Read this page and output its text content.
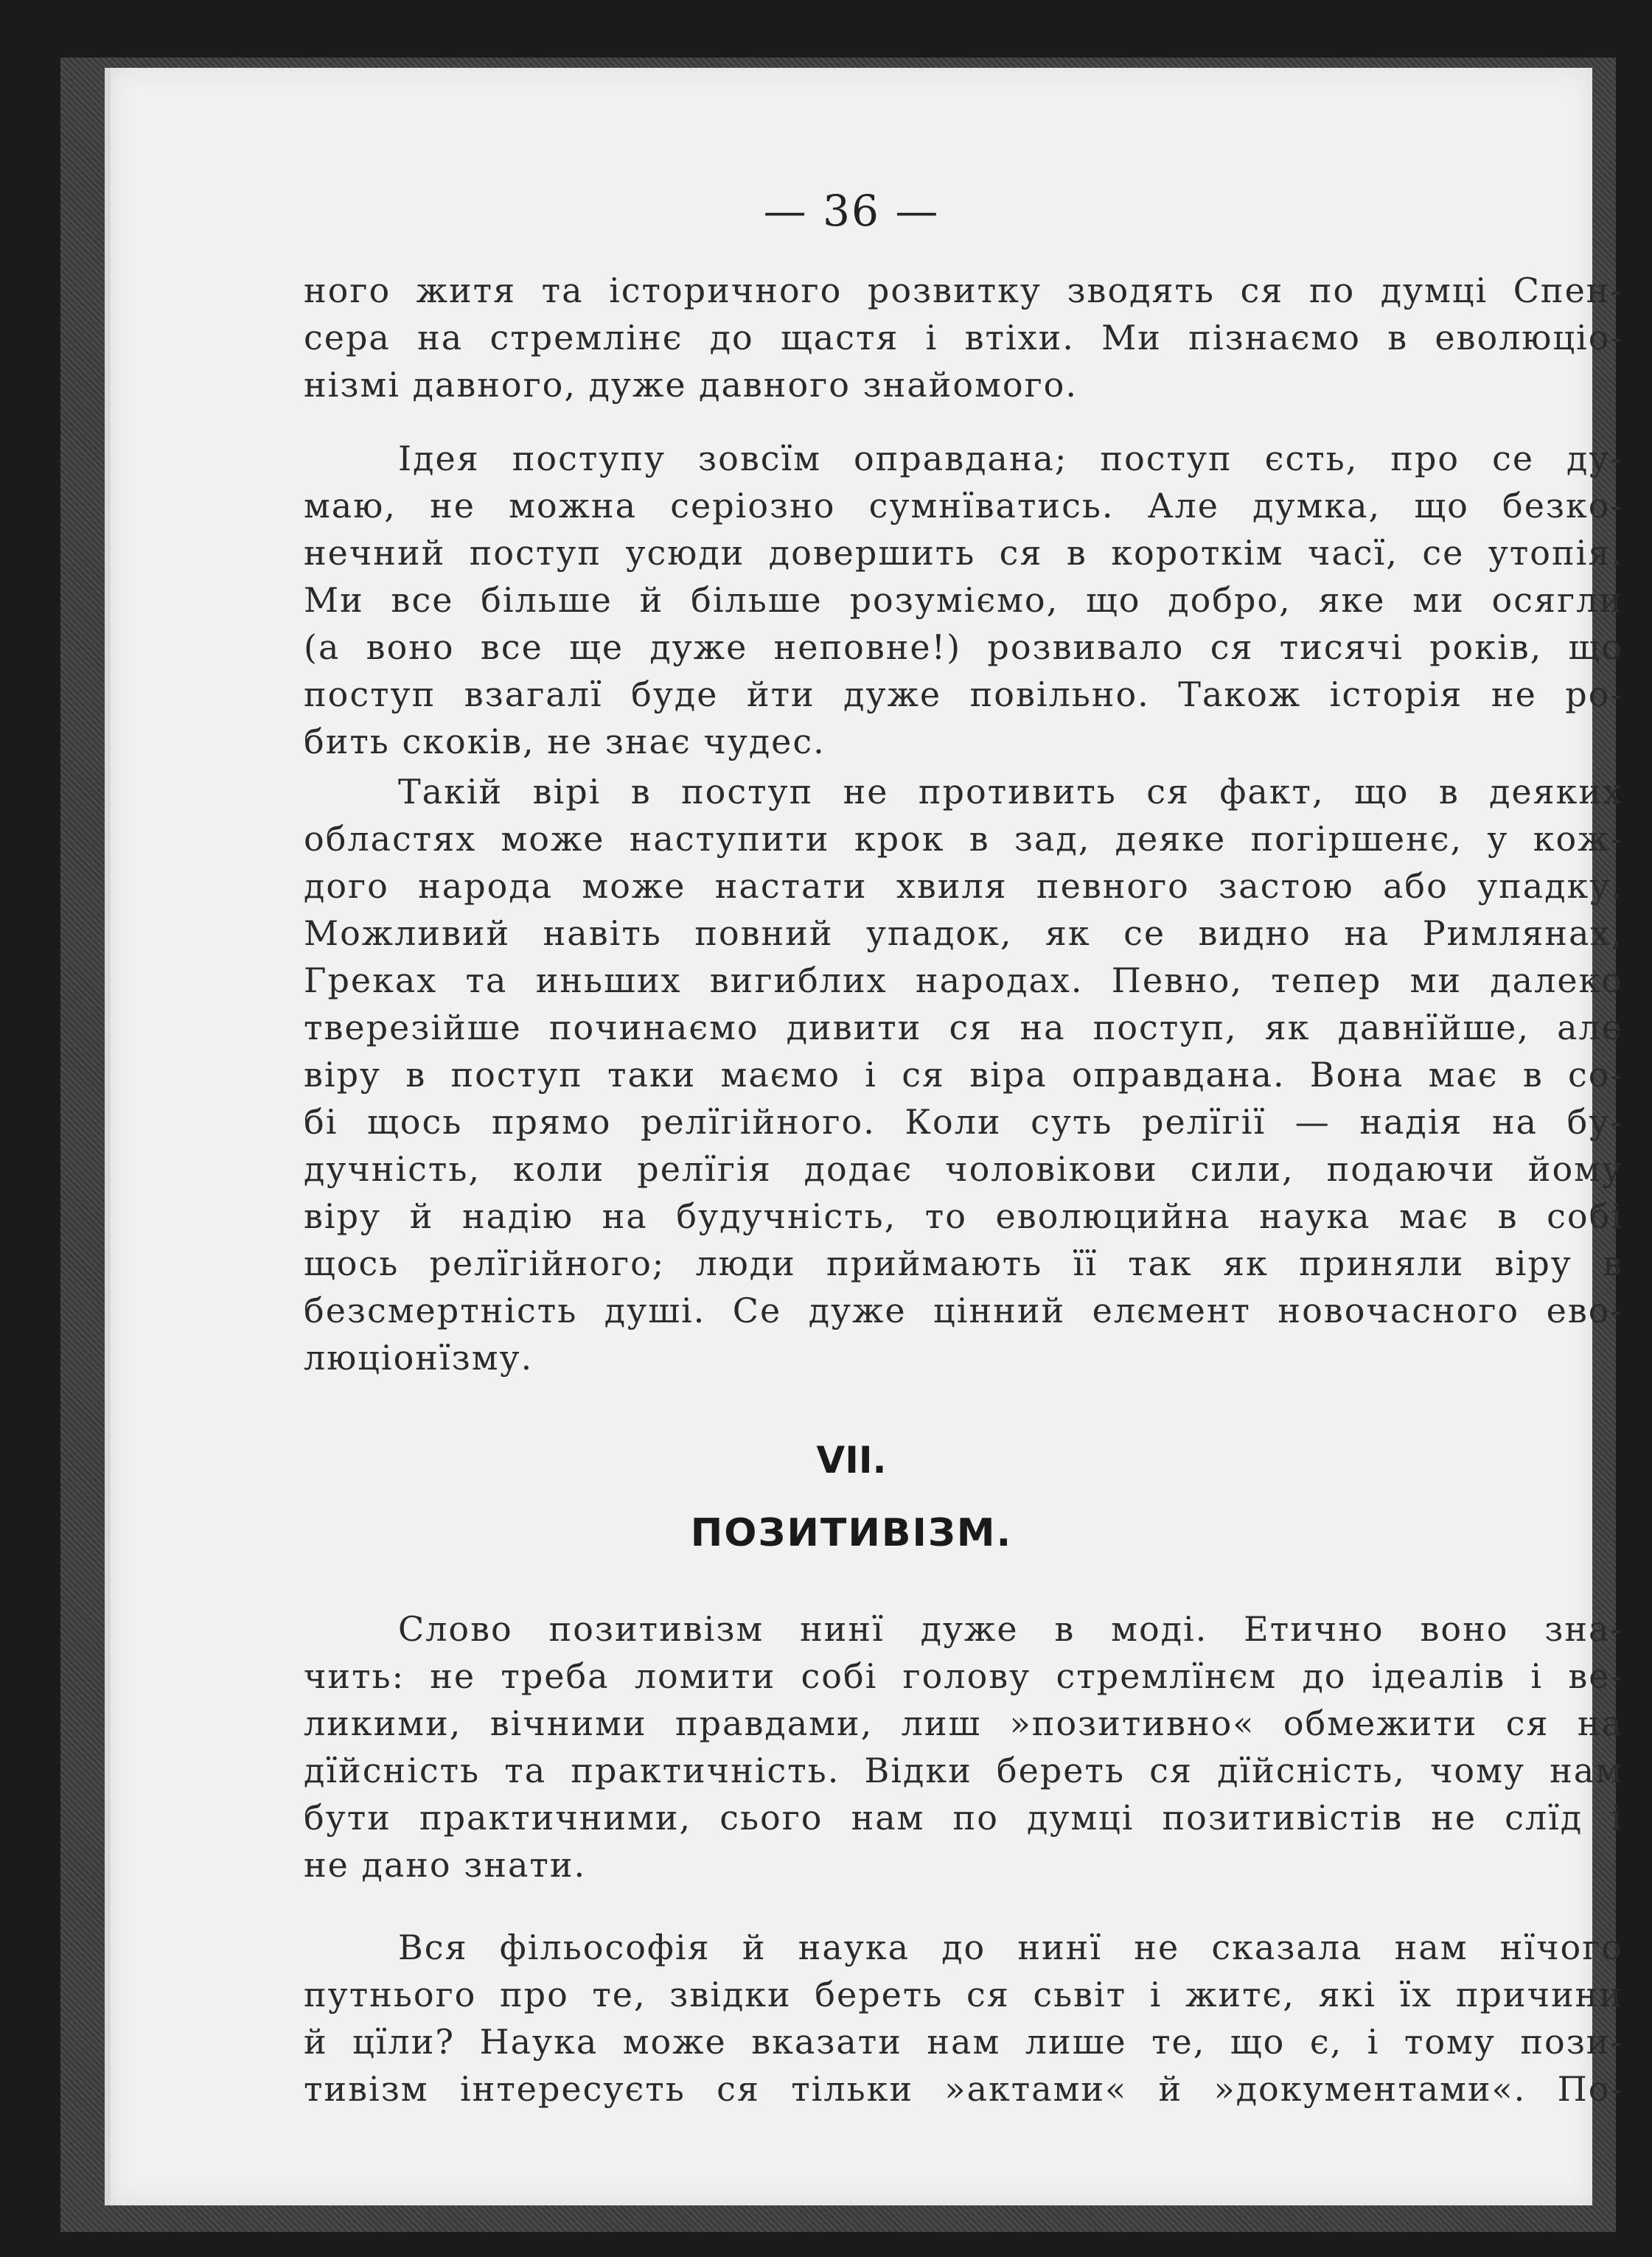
— 36 —
ного житя та історичного розвитку зводять ся по думці Спен-
сера на стремлінє до щастя і втіхи. Ми пізнаємо в еволюціо-
нізмі давного, дуже давного знайомого.
Ідея поступу зовсїм оправдана; поступ єсть, про се ду-
маю, не можна серіозно сумнїватись. Але думка, що безко-
нечний поступ усюди довершить ся в короткім часї, се утопія.
Ми все більше й більше розуміємо, що добро, яке ми осягли
(а воно все ще дуже неповне!) розвивало ся тисячі років, що
поступ взагалї буде йти дуже повільно. Також історія не ро-
бить скоків, не знає чудес.
Такій вірі в поступ не противить ся факт, що в деяких
областях може наступити крок в зад, деяке погіршенє, у кож-
дого народа може настати хвиля певного застою або упадку.
Можливий навіть повний упадок, як се видно на Римлянах,
Греках та иньших вигиблих народах. Певно, тепер ми далеко
тверезійше починаємо дивити ся на поступ, як давнїйше, але
віру в поступ таки маємо і ся віра оправдана. Вона має в со-
бі щось прямо релїгійного. Коли суть релїгії — надія на бу-
дучність, коли релїгія додає чоловікови сили, подаючи йому
віру й надію на будучність, то еволюцийна наука має в собі
щось релїгійного; люди приймають її так як приняли віру в
безсмертність душі. Се дуже цінний елємент новочасного ево-
люціонїзму.
VII.
ПОЗИТИВІЗМ.
Слово позитивізм нинї дуже в моді. Етично воно зна-
чить: не треба ломити собі голову стремлїнєм до ідеалів і ве-
ликими, вічними правдами, лиш »позитивно« обмежити ся на
дїйсність та практичність. Відки береть ся дїйсність, чому нам
бути практичними, сього нам по думці позитивістів не слїд і
не дано знати.
Вся фільософія й наука до нинї не сказала нам нїчого
путнього про те, звідки береть ся сьвіт і житє, які їх причини
й цїли? Наука може вказати нам лише те, що є, і тому пози-
тивізм інтересуєть ся тільки »актами« й »документами«. По-
